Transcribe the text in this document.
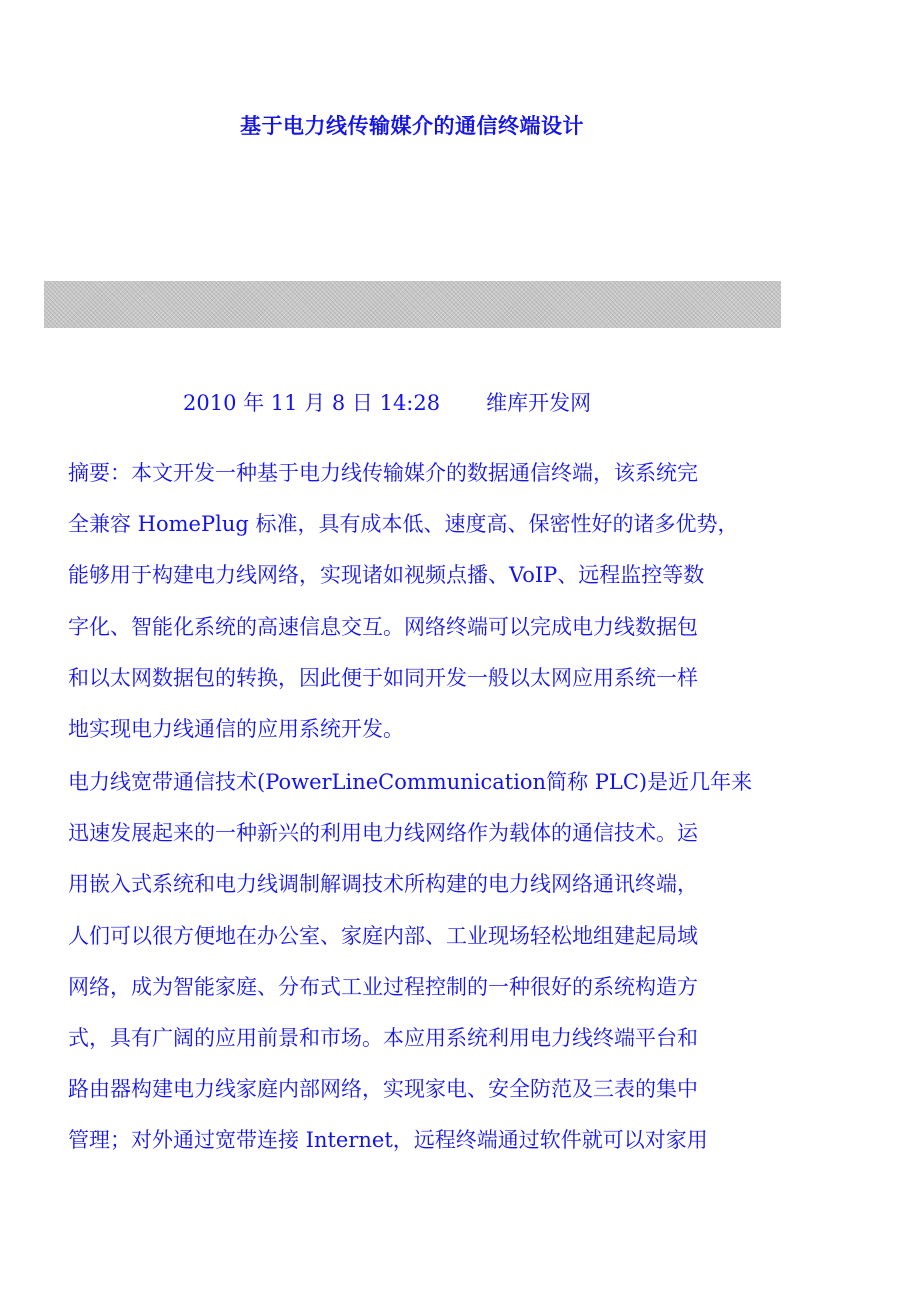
基于电力线传输媒介的通信终端设计
2010 年 11 月 8 日 14:28 维库开发网

摘要：本文开发一种基于电力线传输媒介的数据通信终端，该系统完
全兼容 HomePlug 标准，具有成本低、速度高、保密性好的诸多优势，
能够用于构建电力线网络，实现诸如视频点播、VoIP、远程监控等数
字化、智能化系统的高速信息交互。网络终端可以完成电力线数据包
和以太网数据包的转换，因此便于如同开发一般以太网应用系统一样
地实现电力线通信的应用系统开发。

电力线宽带通信技术(PowerLineCommunication简称 PLC)是近几年来
迅速发展起来的一种新兴的利用电力线网络作为载体的通信技术。运
用嵌入式系统和电力线调制解调技术所构建的电力线网络通讯终端，
人们可以很方便地在办公室、家庭内部、工业现场轻松地组建起局域
网络，成为智能家庭、分布式工业过程控制的一种很好的系统构造方
式，具有广阔的应用前景和市场。本应用系统利用电力线终端平台和
路由器构建电力线家庭内部网络，实现家电、安全防范及三表的集中
管理；对外通过宽带连接 Internet，远程终端通过软件就可以对家用
